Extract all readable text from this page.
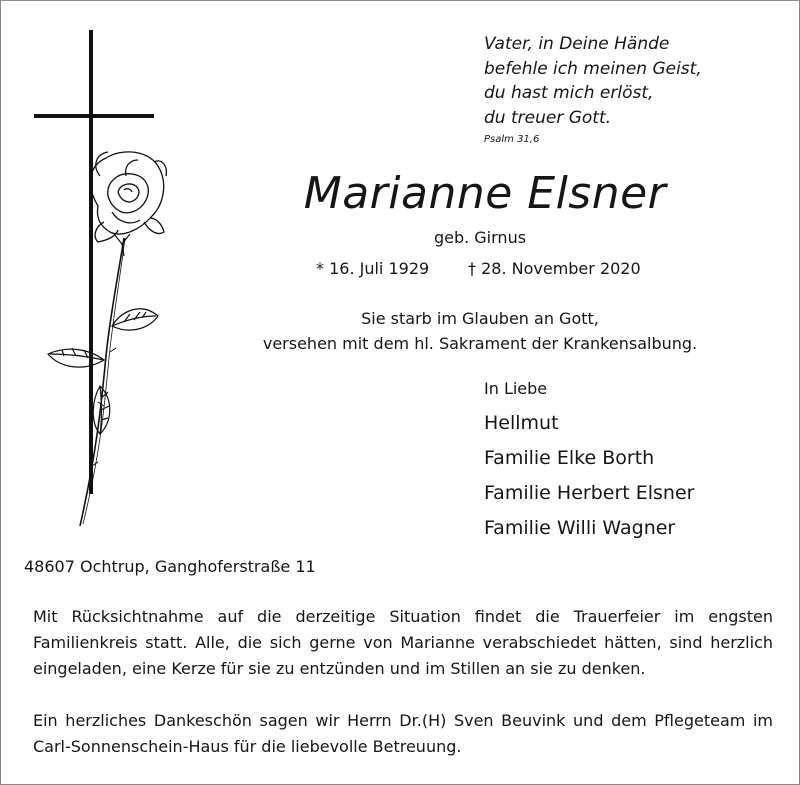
Vater, in Deine Hände
befehle ich meinen Geist,
du hast mich erlöst,
du treuer Gott.
Psalm 31,6
Marianne Elsner
geb. Girnus
* 16. Juli 1929 † 28. November 2020
Sie starb im Glauben an Gott,
versehen mit dem hl. Sakrament der Krankensalbung.
In Liebe
Hellmut
Familie Elke Borth
Familie Herbert Elsner
Familie Willi Wagner
48607 Ochtrup, Ganghoferstraße 11
Mit Rücksichtnahme auf die derzeitige Situation findet die Trauerfeier im engsten Familienkreis statt. Alle, die sich gerne von Marianne verabschiedet hätten, sind herzlich eingeladen, eine Kerze für sie zu entzünden und im Stillen an sie zu denken.
Ein herzliches Dankeschön sagen wir Herrn Dr.(H) Sven Beuvink und dem Pflegeteam im Carl-Sonnenschein-Haus für die liebevolle Betreuung.
